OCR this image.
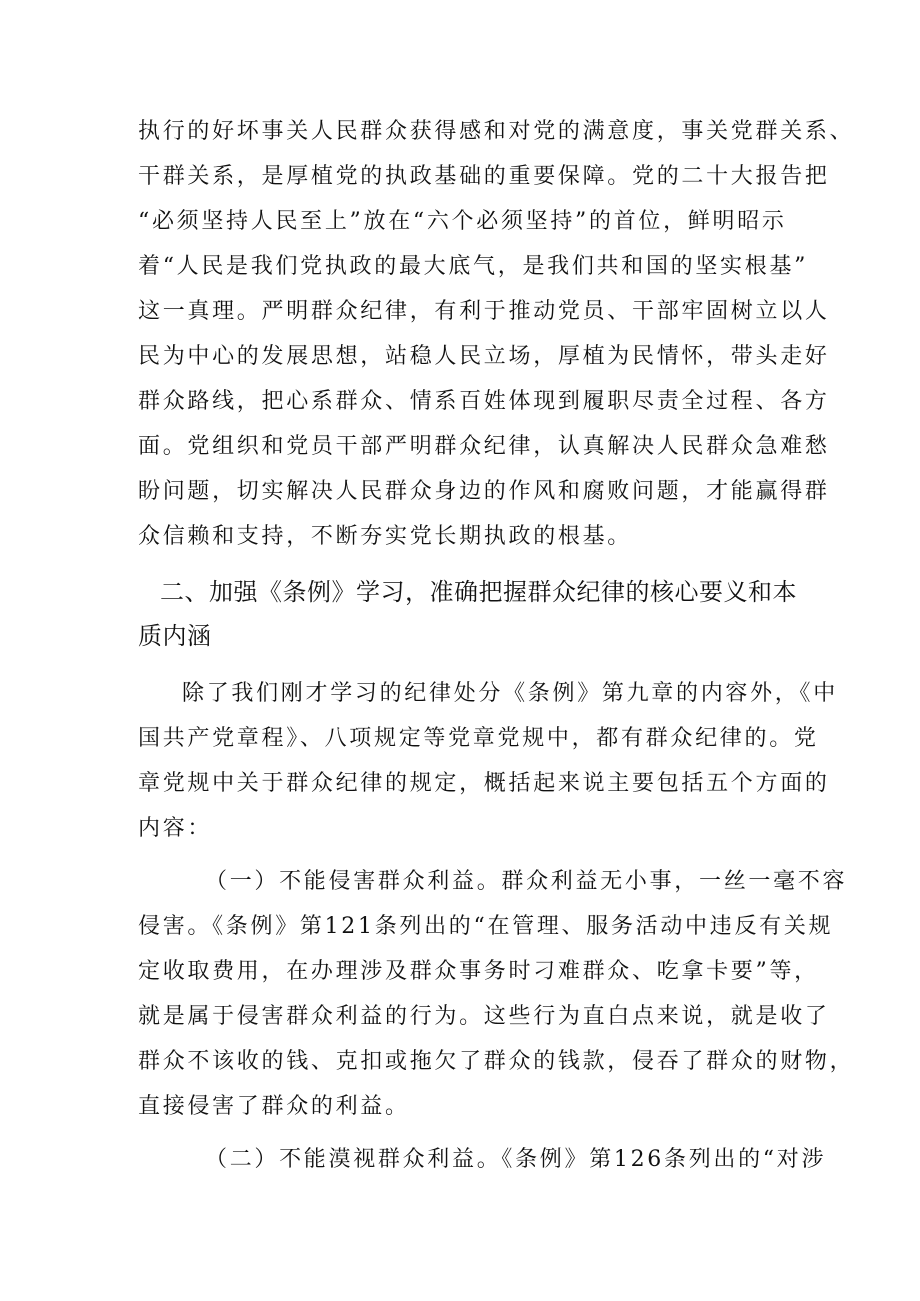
执行的好坏事关人民群众获得感和对党的满意度，事关党群关系、
干群关系，是厚植党的执政基础的重要保障。党的二十大报告把
“必须坚持人民至上”放在“六个必须坚持”的首位，鲜明昭示
着“人民是我们党执政的最大底气，是我们共和国的坚实根基”
这一真理。严明群众纪律，有利于推动党员、干部牢固树立以人
民为中心的发展思想，站稳人民立场，厚植为民情怀，带头走好
群众路线，把心系群众、情系百姓体现到履职尽责全过程、各方
面。党组织和党员干部严明群众纪律，认真解决人民群众急难愁
盼问题，切实解决人民群众身边的作风和腐败问题，才能赢得群
众信赖和支持，不断夯实党长期执政的根基。
二、加强《条例》学习，准确把握群众纪律的核心要义和本
质内涵
除了我们刚才学习的纪律处分《条例》第九章的内容外，《中
国共产党章程》、八项规定等党章党规中，都有群众纪律的。党
章党规中关于群众纪律的规定，概括起来说主要包括五个方面的
内容：
（一）不能侵害群众利益。群众利益无小事，一丝一毫不容
侵害。《条例》第121条列出的“在管理、服务活动中违反有关规
定收取费用，在办理涉及群众事务时刁难群众、吃拿卡要”等，
就是属于侵害群众利益的行为。这些行为直白点来说，就是收了
群众不该收的钱、克扣或拖欠了群众的钱款，侵吞了群众的财物，
直接侵害了群众的利益。
（二）不能漠视群众利益。《条例》第126条列出的“对涉
